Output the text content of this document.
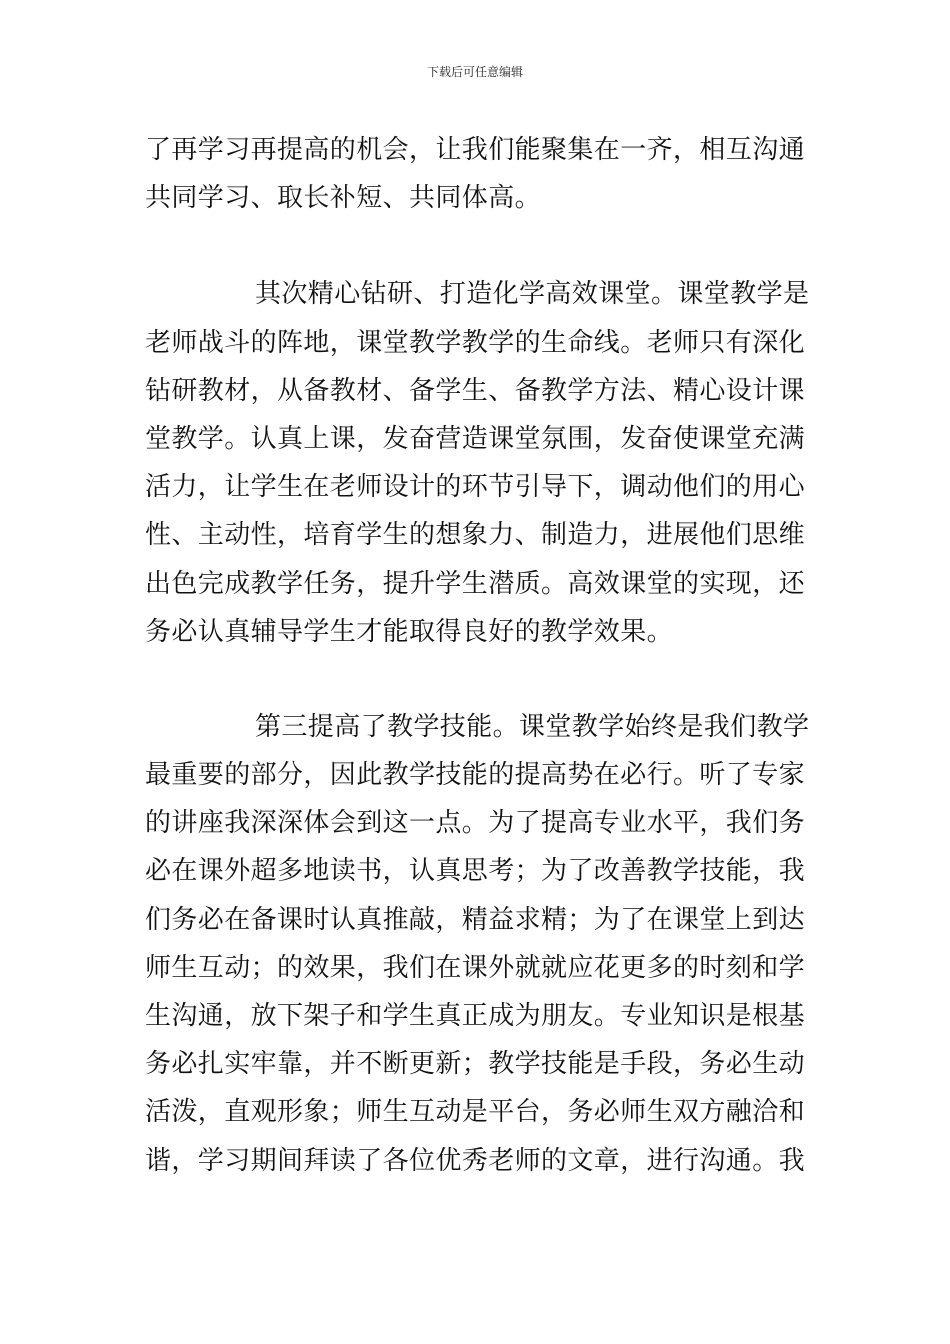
下载后可任意编辑
了再学习再提高的机会，让我们能聚集在一齐，相互沟通
共同学习、取长补短、共同体高。
其次精心钻研、打造化学高效课堂。课堂教学是
老师战斗的阵地，课堂教学教学的生命线。老师只有深化
钻研教材，从备教材、备学生、备教学方法、精心设计课
堂教学。认真上课，发奋营造课堂氛围，发奋使课堂充满
活力，让学生在老师设计的环节引导下，调动他们的用心
性、主动性，培育学生的想象力、制造力，进展他们思维
出色完成教学任务，提升学生潜质。高效课堂的实现，还
务必认真辅导学生才能取得良好的教学效果。
第三提高了教学技能。课堂教学始终是我们教学
最重要的部分，因此教学技能的提高势在必行。听了专家
的讲座我深深体会到这一点。为了提高专业水平，我们务
必在课外超多地读书，认真思考；为了改善教学技能，我
们务必在备课时认真推敲，精益求精；为了在课堂上到达
师生互动；的效果，我们在课外就就应花更多的时刻和学
生沟通，放下架子和学生真正成为朋友。专业知识是根基
务必扎实牢靠，并不断更新；教学技能是手段，务必生动
活泼，直观形象；师生互动是平台，务必师生双方融洽和
谐，学习期间拜读了各位优秀老师的文章，进行沟通。我
